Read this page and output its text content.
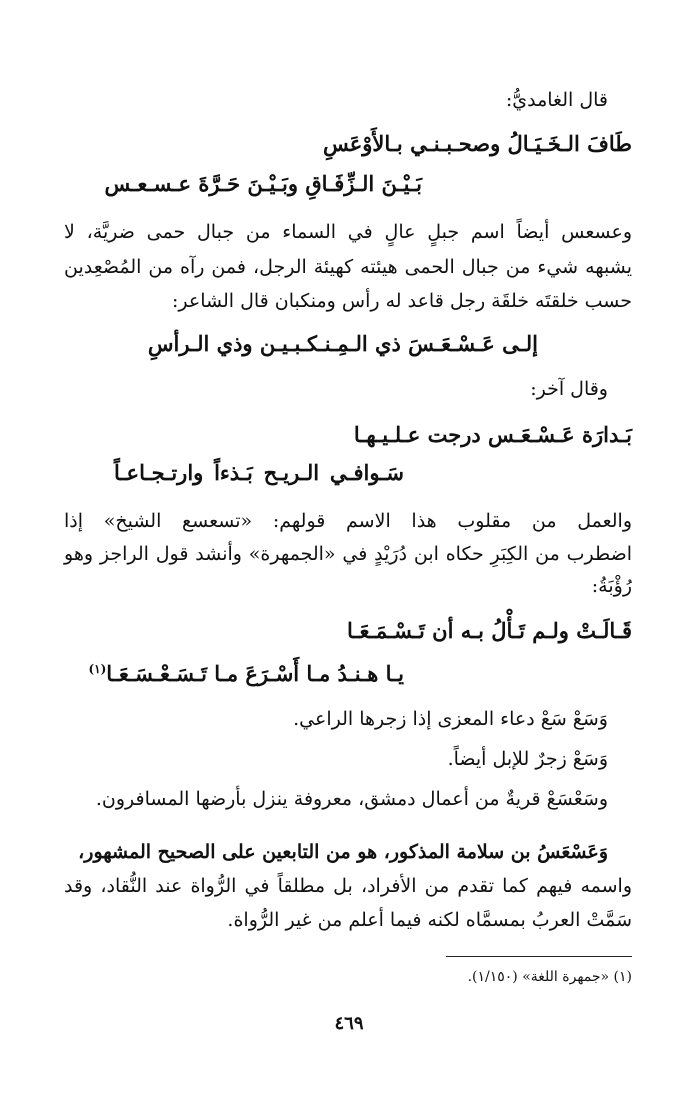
قال الغامديُّ:
طَافَ الـخَـيَـالُ وصحـبـنـي بـالأَوْعَسِ
بَـيْـنَ الـزِّفَـاقِ وبَـيْـنَ حَـرَّةَ عـسـعـس
وعسعس أيضاً اسم جبلٍ عالٍ في السماء من جبال حمى ضريَّة، لا
يشبهه شيء من جبال الحمى هيئته كهيئة الرجل، فمن رآه من المُصْعِدين
حسب خلقتَه خلقَة رجل قاعد له رأس ومنكبان قال الشاعر:
إلـى عَـسْـعَـسَ ذي الـمِـنـكـبـيـن وذي الـرأسِ
وقال آخر:
بَـدارَة عَـسْـعَـس درجت عـلـيـهـا
سَـوافـي الـريـح بَـذءاً وارتـجـاعـاً
والعمل من مقلوب هذا الاسم قولهم: «تسعسع الشيخ» إذا
اضطرب من الكِبَرِ حكاه ابن دُرَيْدٍ في «الجمهرة» وأنشد قول الراجز وهو
رُؤْبَةُ:
قَـالَـتْ ولـم تَـأْلُ بـه أن تَـسْـمَـعَـا
يـا هـنـدُ مـا أَسْـرَعَ مـا تَـسَـعْـسَـعَـا$^{(١)}$
وَسَعْ سَعْ دعاء المعزى إذا زجرها الراعي.
وَسَعْ زجرٌ للإبل أيضاً.
وسَعْسَعْ قريةٌ من أعمال دمشق، معروفة ينزل بأرضها المسافرون.
وَعَسْعَسُ بن سلامة المذكور، هو من التابعين على الصحيح المشهور،
واسمه فيهم كما تقدم من الأفراد، بل مطلقاً في الرُّواة عند النُّقاد، وقد
سَمَّتْ العربُ بمسمَّاه لكنه فيما أعلم من غير الرُّواة.
(١) «جمهرة اللغة» (١/١٥٠).
٤٦٩
